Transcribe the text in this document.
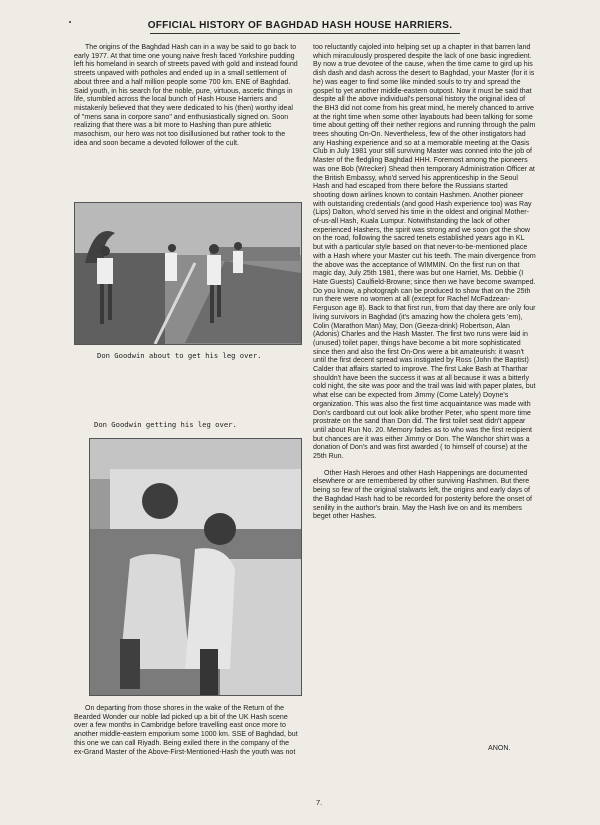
OFFICIAL HISTORY OF BAGHDAD HASH HOUSE HARRIERS.

The origins of the Baghdad Hash can in a way be said to go back to early 1977. At that time one young naive fresh faced Yorkshire pudding left his homeland in search of streets paved with gold and instead found streets unpaved with potholes and ended up in a small settlement of about three and a half million people some 700 km. ENE of Baghdad. Said youth, in his search for the noble, pure, virtuous, ascetic things in life, stumbled across the local bunch of Hash House Harriers and mistakenly believed that they were dedicated to his (then) worthy ideal of "mens sana in corpore sano" and enthusiastically signed on. Soon realizing that there was a bit more to Hashing than pure athletic masochism, our hero was not too disillusioned but rather took to the idea and soon became a devoted follower of the cult.

Don Goodwin about to get his leg over.
Don Goodwin getting his leg over.

On departing from those shores in the wake of the Return of the Bearded Wonder our noble lad picked up a bit of the UK Hash scene over a few months in Cambridge before travelling east once more to another middle-eastern emporium some 1000 km. SSE of Baghdad, but this one we can call Riyadh. Being exiled there in the company of the ex-Grand Master of the Above-First-Mentioned-Hash the youth was not

too reluctantly cajoled into helping set up a chapter in that barren land which miraculously prospered despite the lack of one basic ingredient. By now a true devotee of the cause, when the time came to gird up his dish dash and dash across the desert to Baghdad, your Master (for it is he) was eager to find some like minded souls to try and spread the gospel to yet another middle-eastern outpost. Now it must be said that despite all the above individual's personal history the original idea of the BH3 did not come from his great mind, he merely chanced to arrive at the right time when some other layabouts had been talking for some time about getting off their nether regions and running through the palm trees shouting On-On. Nevertheless, few of the other instigators had any Hashing experience and so at a memorable meeting at the Oasis Club in July 1981 your still surviving Master was conned into the job of Master of the fledgling Baghdad HHH. Foremost among the pioneers was one Bob (Wrecker) Shead then temporary Administration Officer at the British Embassy, who'd served his apprenticeship in the Seoul Hash and had escaped from there before the Russians started shooting down airlines known to contain Hashmen. Another pioneer with outstanding credentials (and good Hash experience too) was Ray (Lips) Dalton, who'd served his time in the oldest and original Mother-of-us-all Hash, Kuala Lumpur. Notwithstanding the lack of other experienced Hashers, the spirit was strong and we soon got the show on the road, following the sacred tenets established years ago in KL but with a particular style based on that never-to-be-mentioned place with a Hash where your Master cut his teeth. The main divergence from the above was the acceptance of WIMMIN. On the first run on that magic day, July 25th 1981, there was but one Harriet, Ms. Debbie (I Hate Guests) Caulfield-Browne; since then we have become swamped. Do you know, a photograph can be produced to show that on the 25th run there were no women at all (except for Rachel McFadzean-Ferguson age 8). Back to that first run, from that day there are only four living survivors in Baghdad (it's amazing how the cholera gets 'em), Colin (Marathon Man) May, Don (Geeza-drink) Robertson, Alan (Adonis) Charles and the Hash Master. The first two runs were laid in (unused) toilet paper, things have become a bit more sophisticated since then and also the first On-Ons were a bit amateurish: it wasn't until the first decent spread was instigated by Ross (John the Baptist) Calder that affairs started to improve. The first Lake Bash at Tharthar shouldn't have been the success it was at all because it was a bitterly cold night, the site was poor and the trail was laid with paper plates, but what else can be expected from Jimmy (Come Lately) Doyne's organization. This was also the first time acquaintance was made with Don's cardboard cut out look alike brother Peter, who spent more time prostrate on the sand than Don did. The first toilet seat didn't appear until about Run No. 20. Memory fades as to who was the first recipient but chances are it was either Jimmy or Don. The Wanchor shirt was a donation of Don's and was first awarded ( to himself of course) at the 25th Run.

Other Hash Heroes and other Hash Happenings are documented elsewhere or are remembered by other surviving Hashmen. But there being so few of the original stalwarts left, the origins and early days of the Baghdad Hash had to be recorded for posterity before the onset of senility in the author's brain. May the Hash live on and its members beget other Hashes.

ANON.
7.
